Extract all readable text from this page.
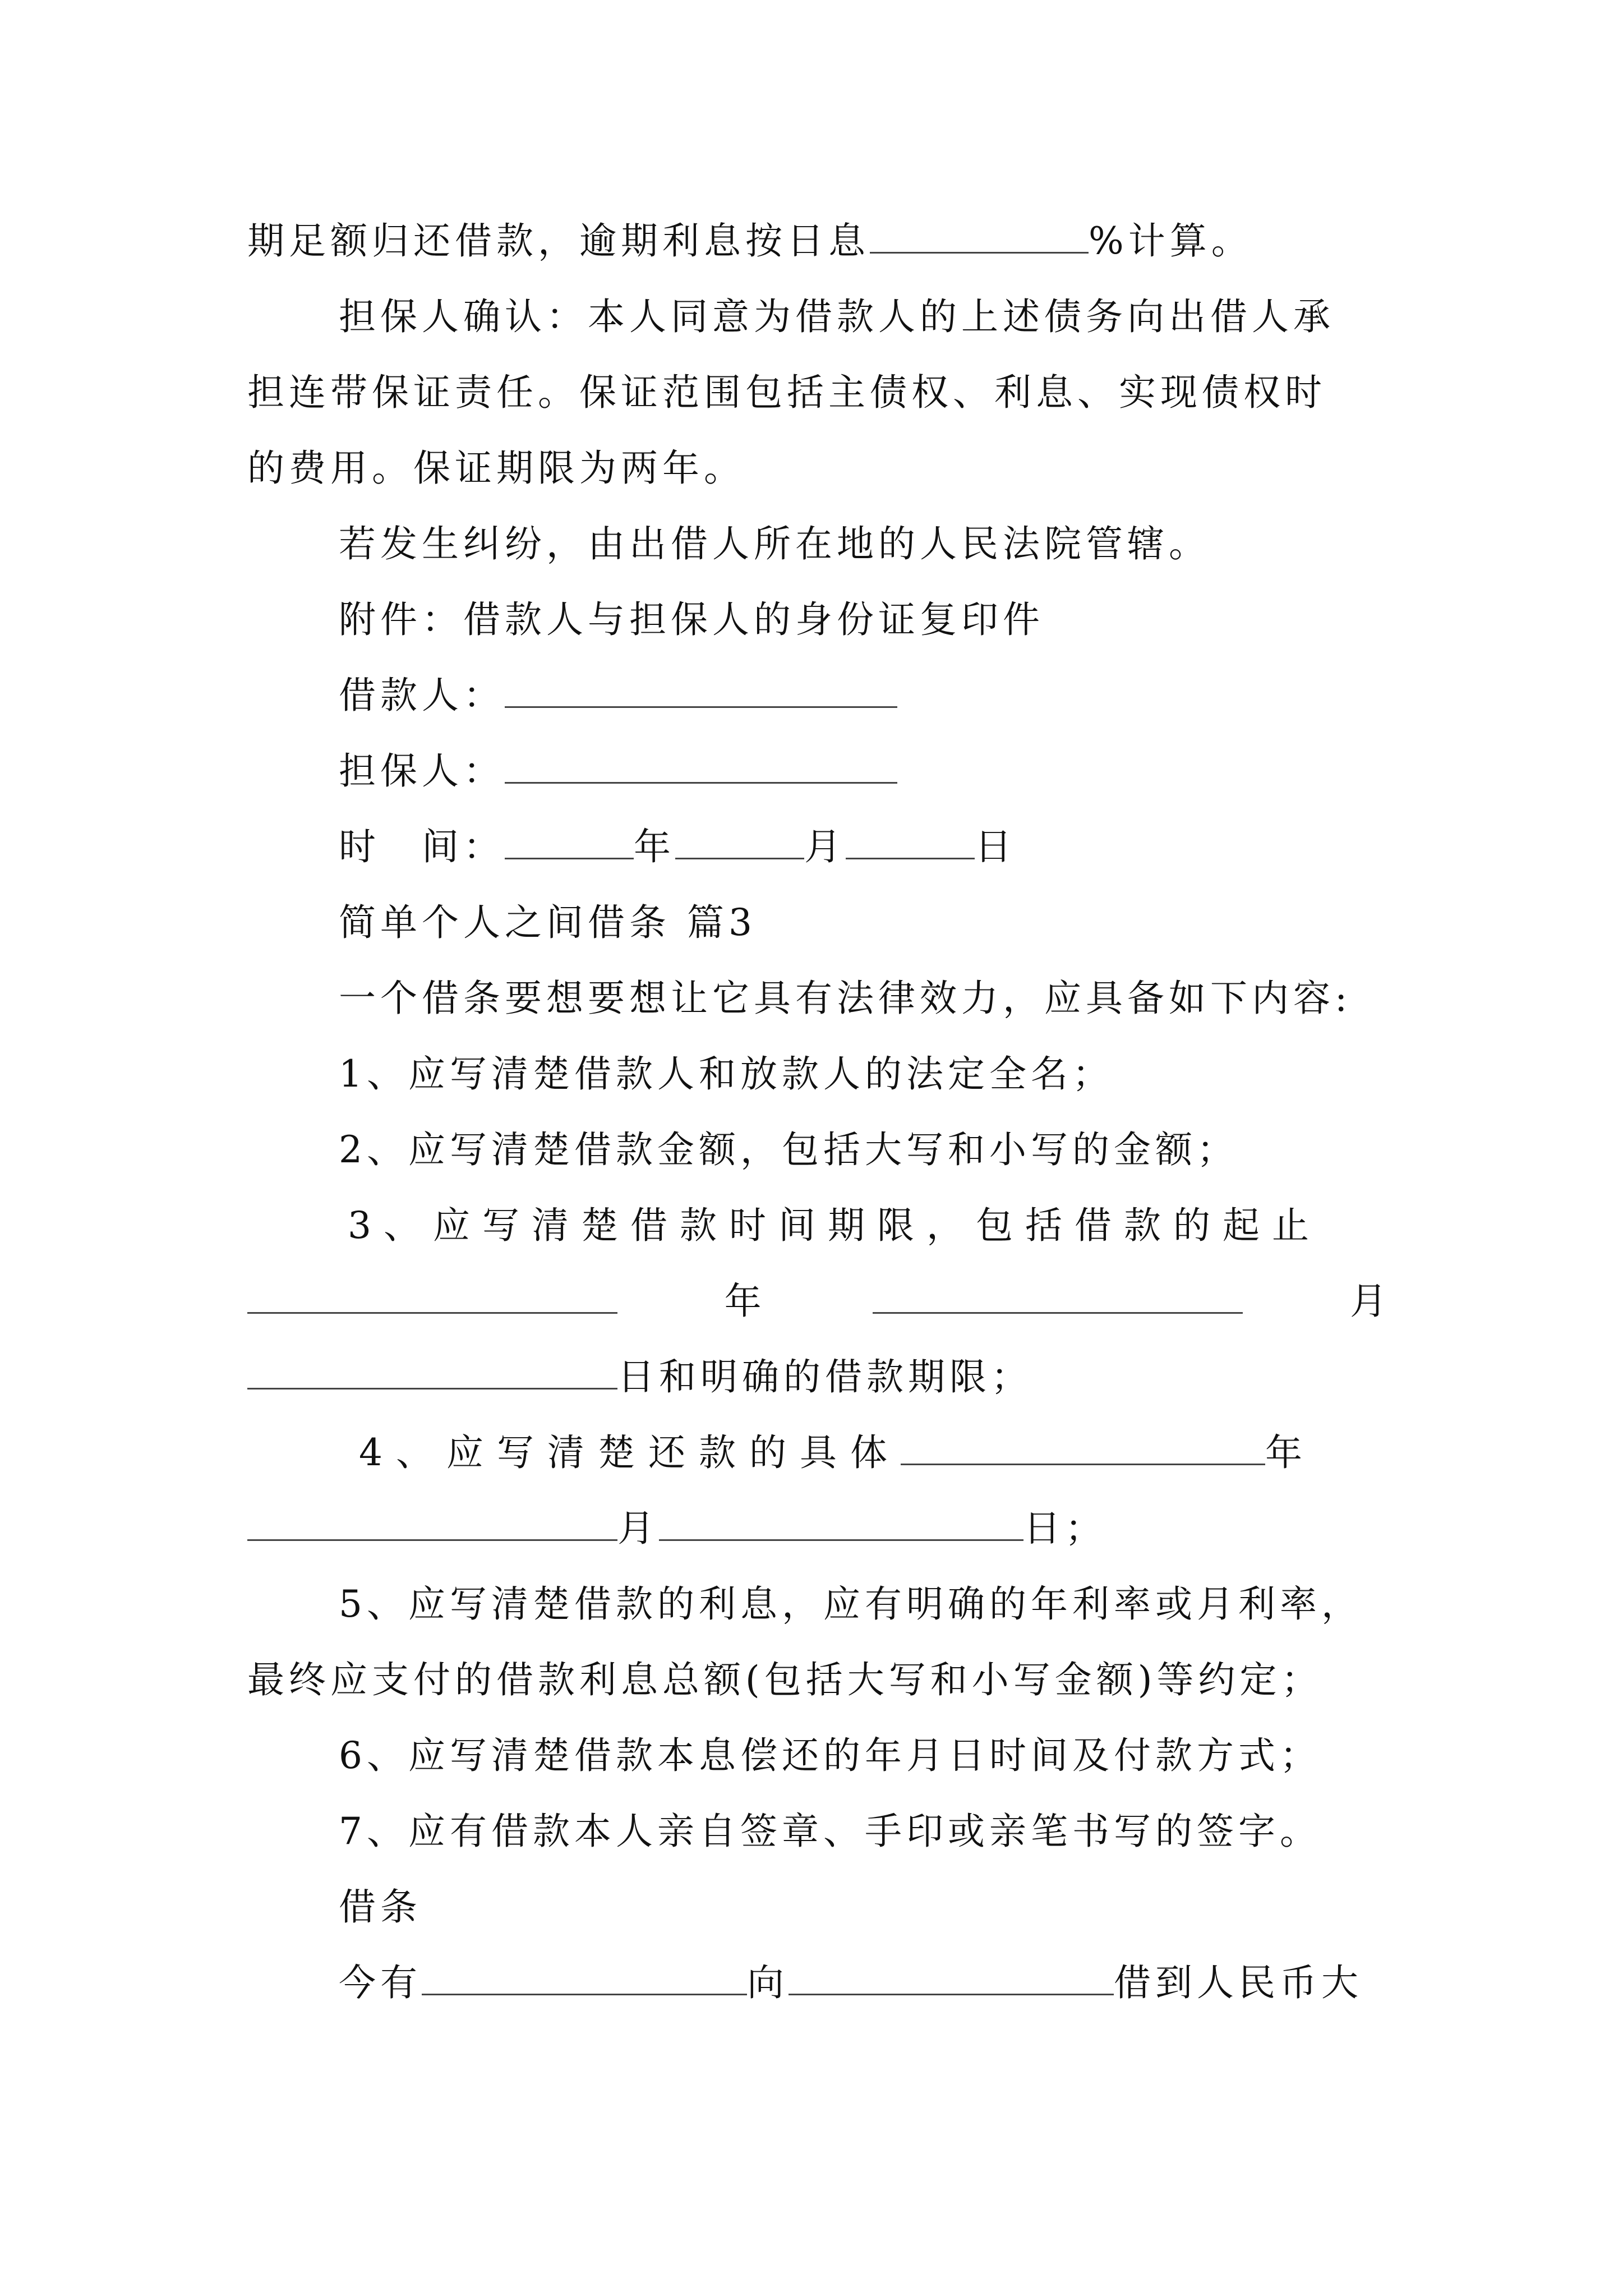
期足额归还借款，逾期利息按日息	%计算。
担保人确认：本人同意为借款人的上述债务向出借人承
担连带保证责任。保证范围包括主债权、利息、实现债权时
的费用。保证期限为两年。
若发生纠纷，由出借人所在地的人民法院管辖。
附件：借款人与担保人的身份证复印件
借款人：
担保人：
时　间：	年	月	日
简单个人之间借条 篇3
一个借条要想要想让它具有法律效力，应具备如下内容:
1、应写清楚借款人和放款人的法定全名；
2、应写清楚借款金额，包括大写和小写的金额；
3、应写清楚借款时间期限，包括借款的起止
年	月
日和明确的借款期限；
4、应写清楚还款的具体	年
月	日；
5、应写清楚借款的利息，应有明确的年利率或月利率，
最终应支付的借款利息总额(包括大写和小写金额)等约定；
6、应写清楚借款本息偿还的年月日时间及付款方式；
7、应有借款本人亲自签章、手印或亲笔书写的签字。
借条
今有	向	借到人民币大
